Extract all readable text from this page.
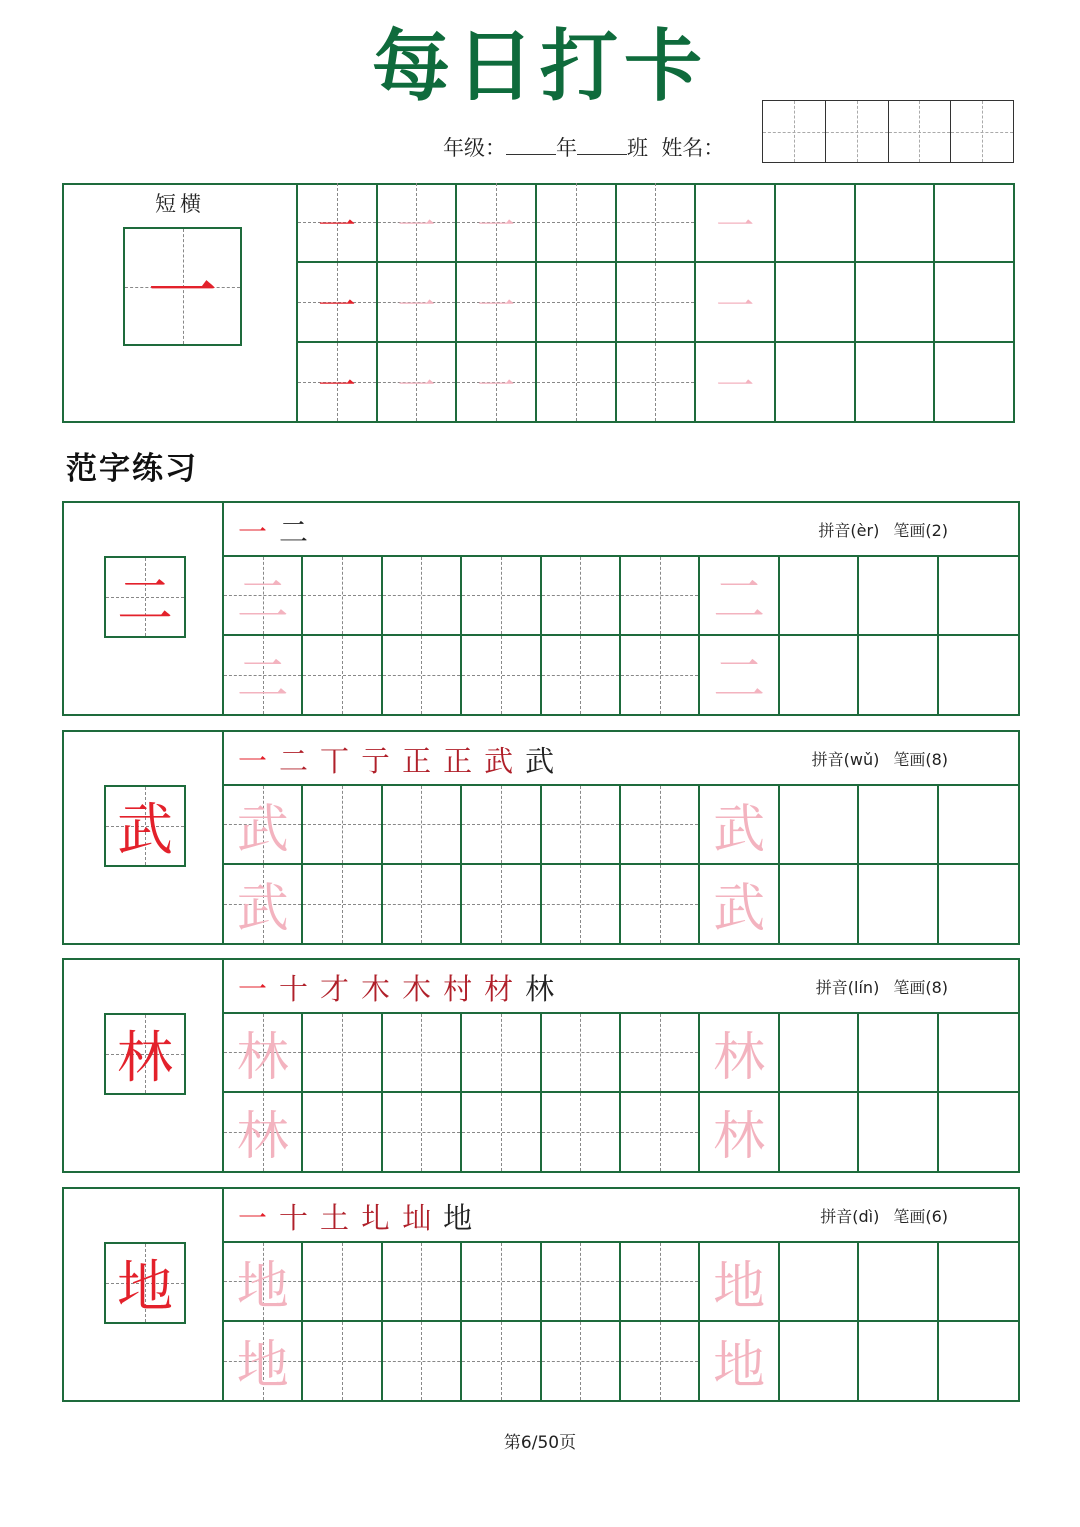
每日打卡
年级： 年 班 姓名：
短横
一
一	一	一	一
一	一	一	一
一	一	一	一
范字练习
二
一 二	拼音(èr) 笔画(2)
二	二
二	二
武
一 二 丅 亍 正 正 武 武	拼音(wǔ) 笔画(8)
武	武
武	武
林
一 十 才 木 木 村 材 林	拼音(lín) 笔画(8)
林	林
林	林
地
一 十 土 圠 圸 地	拼音(dì) 笔画(6)
地	地
地	地
第6/50页
